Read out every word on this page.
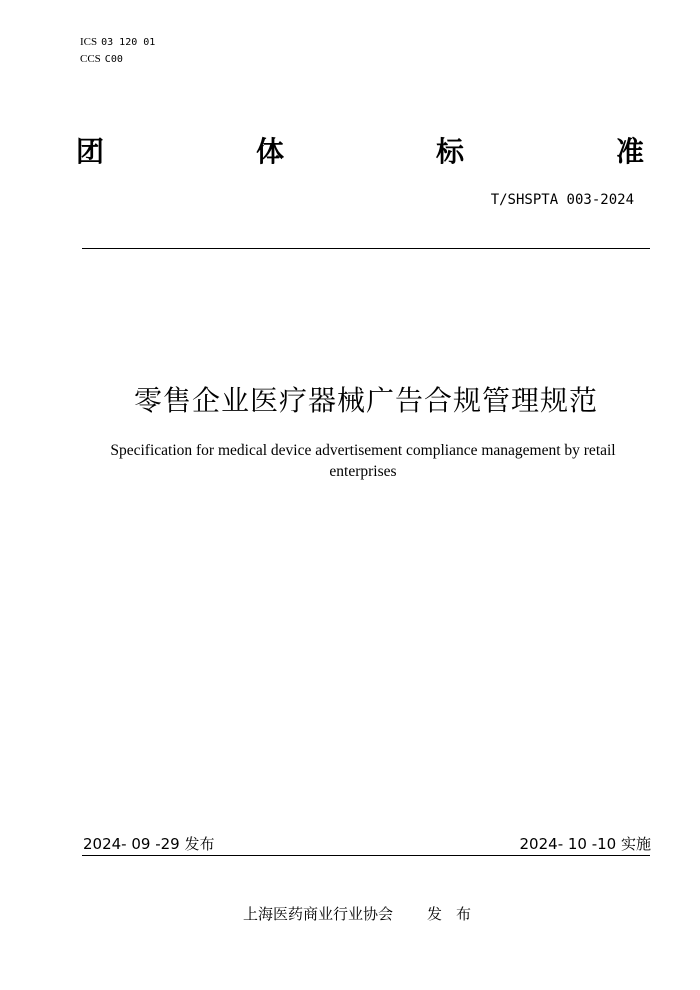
ICS 03 120 01
CCS C00
团	体	标	准
T/SHSPTA 003-2024
零售企业医疗器械广告合规管理规范
Specification for medical device advertisement compliance management by retail enterprises
2024- 09 -29 发布	2024- 10 -10 实施
上海医药商业行业协会 发布
